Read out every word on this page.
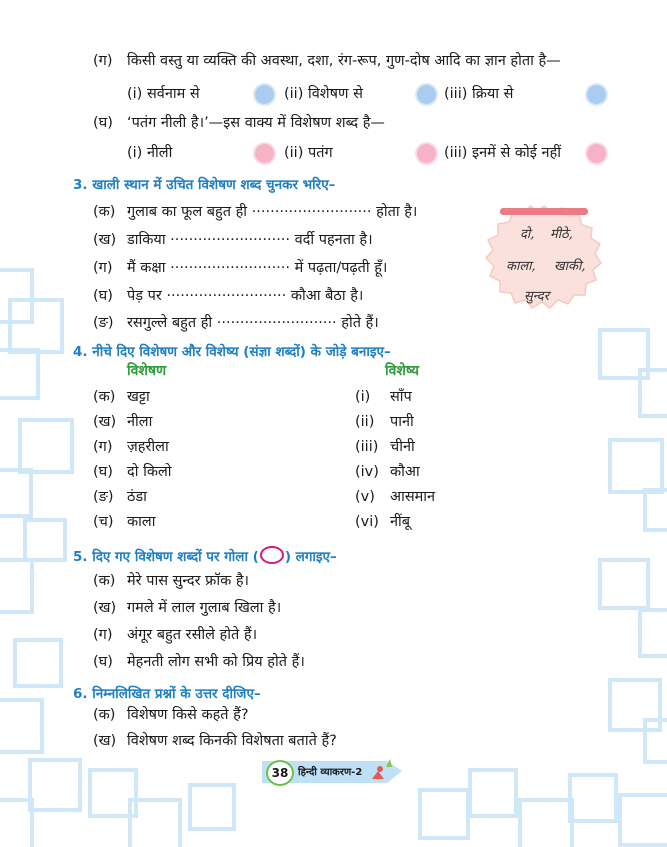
(ग) किसी वस्तु या व्यक्ति की अवस्था, दशा, रंग-रूप, गुण-दोष आदि का ज्ञान होता है—
(i) सर्वनाम से	(ii) विशेषण से	(iii) क्रिया से
(घ) ‘पतंग नीली है।’—इस वाक्य में विशेषण शब्द है—
(i) नीली	(ii) पतंग	(iii) इनमें से कोई नहीं
3. खाली स्थान में उचित विशेषण शब्द चुनकर भरिए–
(क) गुलाब का फूल बहुत ही ·························· होता है।
(ख) डाकिया ·························· वर्दी पहनता है।
(ग) मैं कक्षा ·························· में पढ़ता/पढ़ती हूँ।
(घ) पेड़ पर ·························· कौआ बैठा है।
(ङ) रसगुल्ले बहुत ही ·························· होते हैं।
दो, मीठे,
काला, खाकी,
सुन्दर
4. नीचे दिए विशेषण और विशेष्य (संज्ञा शब्दों) के जोड़े बनाइए–
विशेषण	विशेष्य
(क) खट्टा	(i) साँप
(ख) नीला	(ii) पानी
(ग) ज़हरीला	(iii) चीनी
(घ) दो किलो	(iv) कौआ
(ङ) ठंडा	(v) आसमान
(च) काला	(vi) नींबू
5. दिए गए विशेषण शब्दों पर गोला ( ) लगाइए–
(क) मेरे पास सुन्दर फ्रॉक है।
(ख) गमले में लाल गुलाब खिला है।
(ग) अंगूर बहुत रसीले होते हैं।
(घ) मेहनती लोग सभी को प्रिय होते हैं।
6. निम्नलिखित प्रश्नों के उत्तर दीजिए–
(क) विशेषण किसे कहते हैं?
(ख) विशेषण शब्द किनकी विशेषता बताते हैं?
38 हिन्दी व्याकरण-2
